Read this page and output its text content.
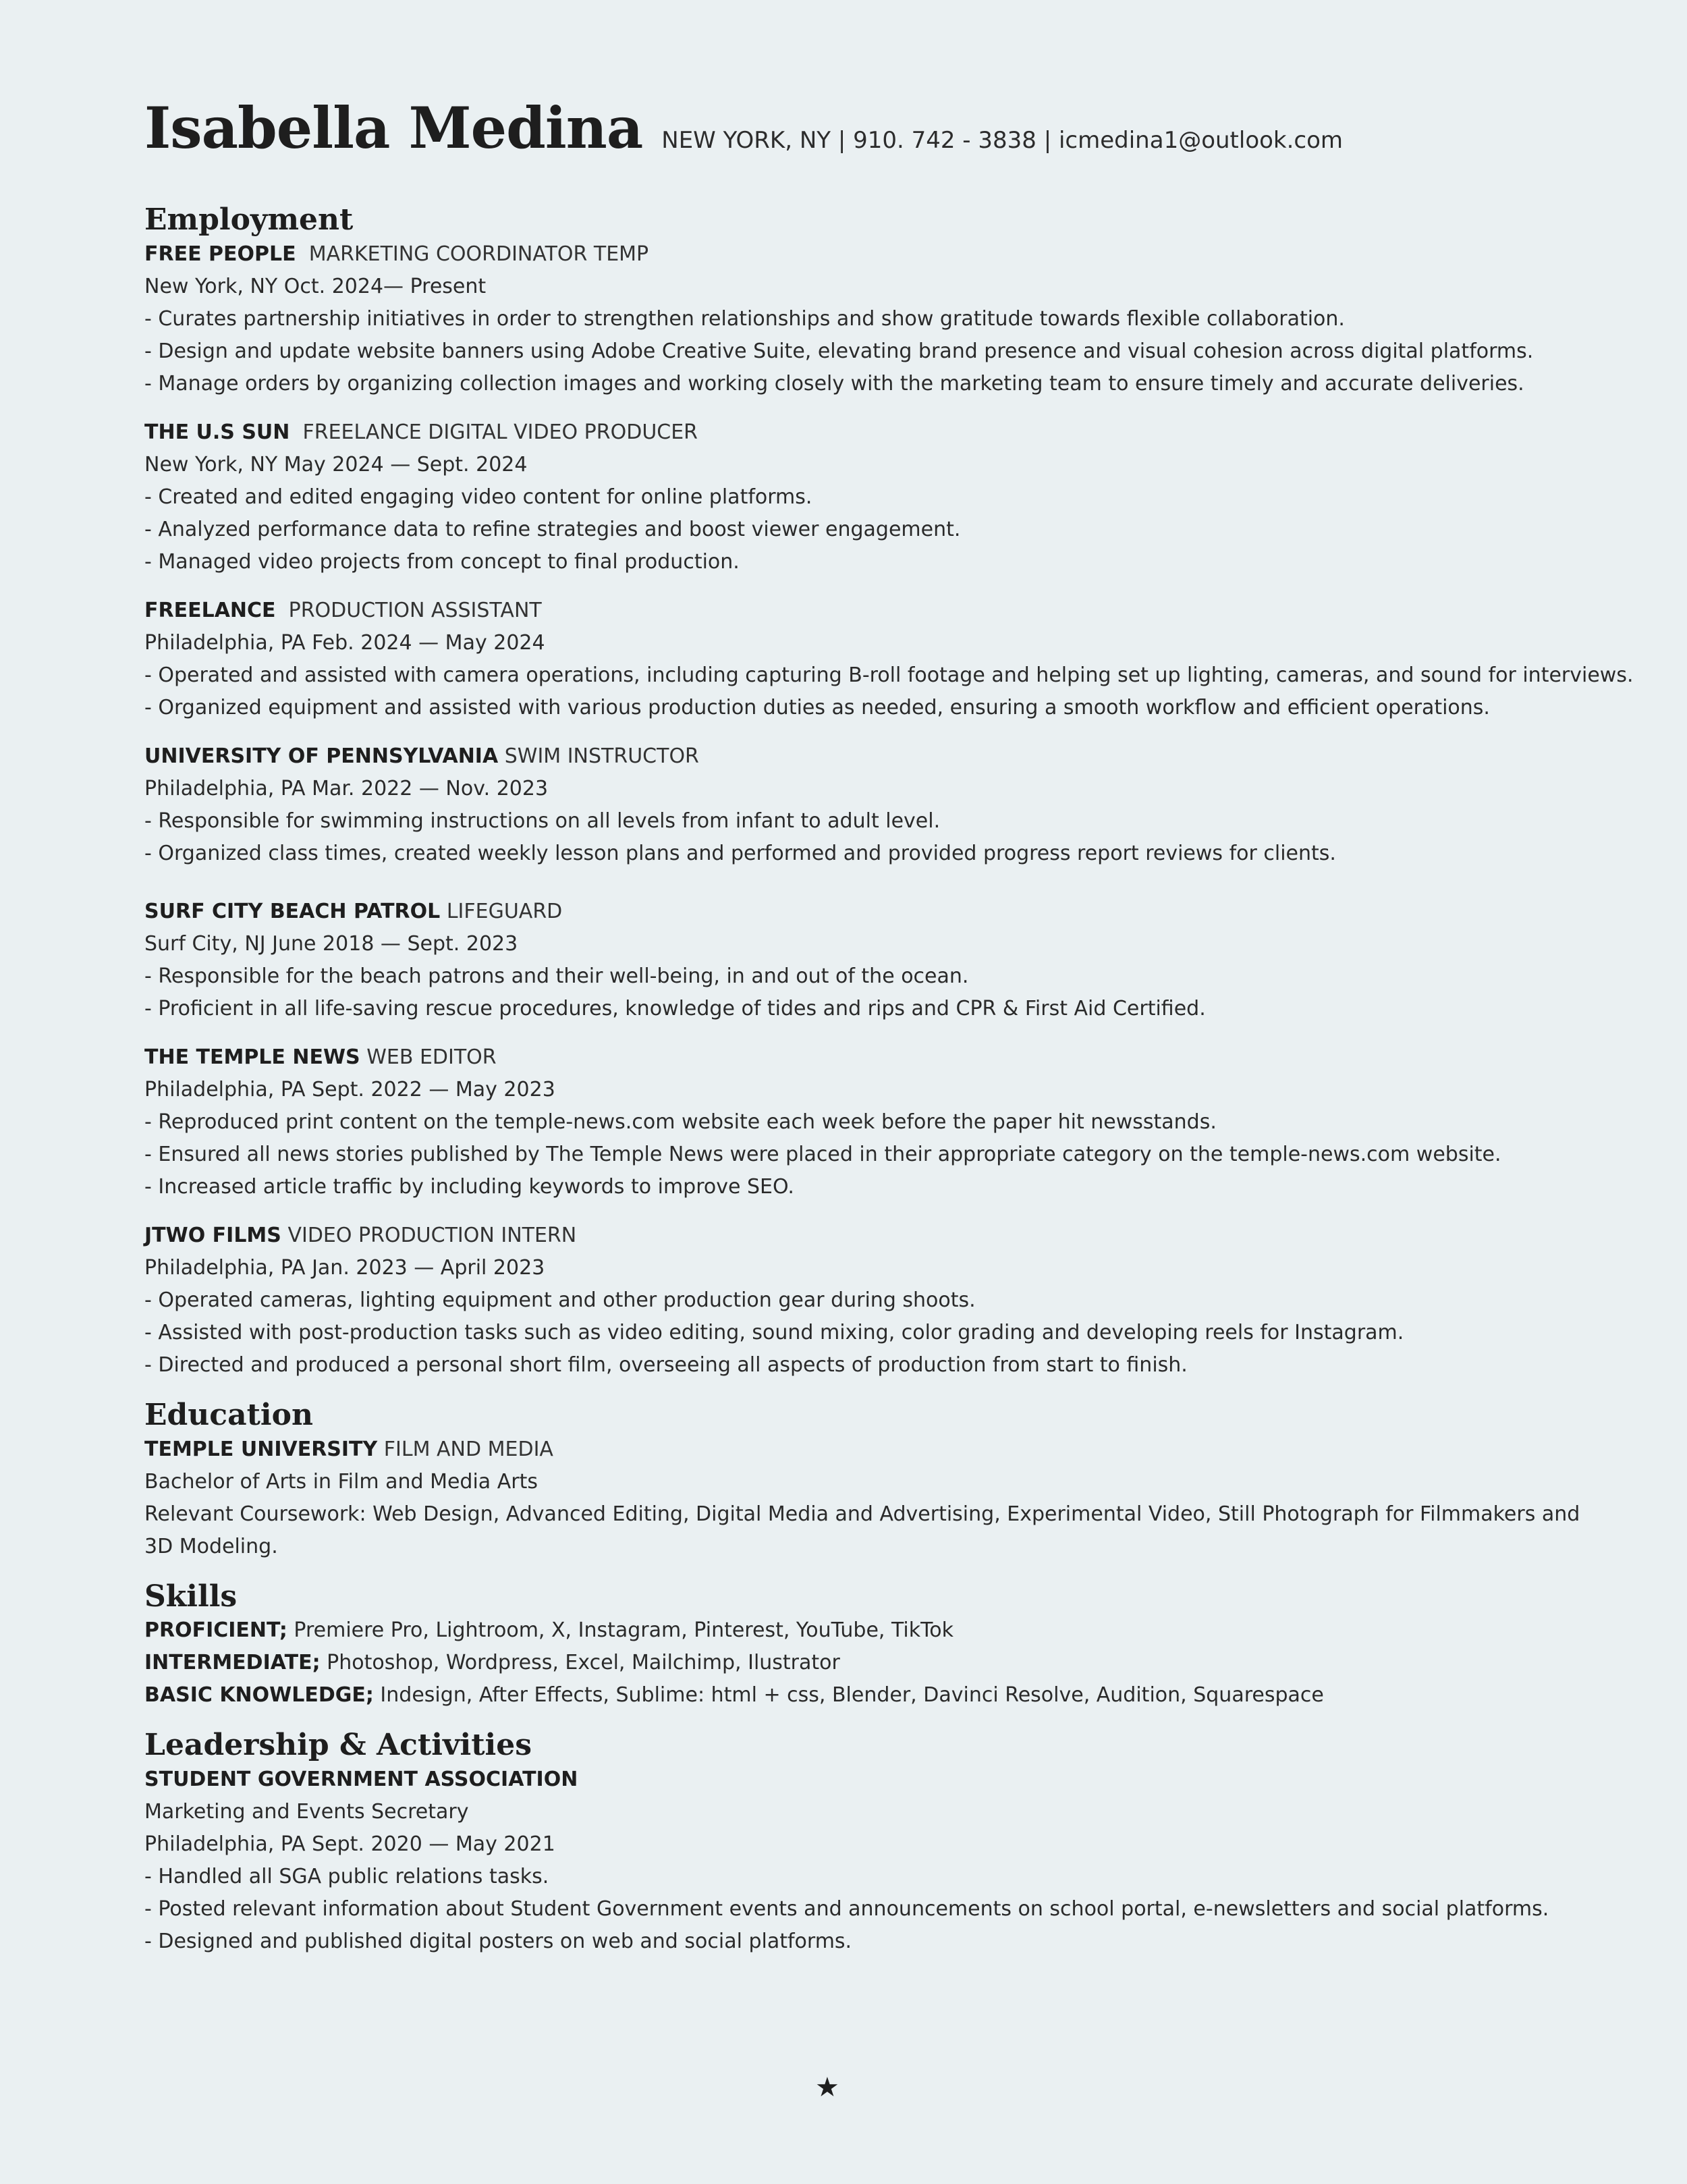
Isabella Medina NEW YORK, NY | 910. 742 - 3838 | icmedina1@outlook.com
Employment
FREE PEOPLE MARKETING COORDINATOR TEMP
New York, NY Oct. 2024— Present
- Curates partnership initiatives in order to strengthen relationships and show gratitude towards flexible collaboration.
- Design and update website banners using Adobe Creative Suite, elevating brand presence and visual cohesion across digital platforms.
- Manage orders by organizing collection images and working closely with the marketing team to ensure timely and accurate deliveries.
THE U.S SUN FREELANCE DIGITAL VIDEO PRODUCER
New York, NY May 2024 — Sept. 2024
- Created and edited engaging video content for online platforms.
- Analyzed performance data to refine strategies and boost viewer engagement.
- Managed video projects from concept to final production.
FREELANCE PRODUCTION ASSISTANT
Philadelphia, PA Feb. 2024 — May 2024
- Operated and assisted with camera operations, including capturing B-roll footage and helping set up lighting, cameras, and sound for interviews.
- Organized equipment and assisted with various production duties as needed, ensuring a smooth workflow and efficient operations.
UNIVERSITY OF PENNSYLVANIA SWIM INSTRUCTOR
Philadelphia, PA Mar. 2022 — Nov. 2023
- Responsible for swimming instructions on all levels from infant to adult level.
- Organized class times, created weekly lesson plans and performed and provided progress report reviews for clients.
SURF CITY BEACH PATROL LIFEGUARD
Surf City, NJ June 2018 — Sept. 2023
- Responsible for the beach patrons and their well-being, in and out of the ocean.
- Proficient in all life-saving rescue procedures, knowledge of tides and rips and CPR & First Aid Certified.
THE TEMPLE NEWS WEB EDITOR
Philadelphia, PA Sept. 2022 — May 2023
- Reproduced print content on the temple-news.com website each week before the paper hit newsstands.
- Ensured all news stories published by The Temple News were placed in their appropriate category on the temple-news.com website.
- Increased article traffic by including keywords to improve SEO.
JTWO FILMS VIDEO PRODUCTION INTERN
Philadelphia, PA Jan. 2023 — April 2023
- Operated cameras, lighting equipment and other production gear during shoots.
- Assisted with post-production tasks such as video editing, sound mixing, color grading and developing reels for Instagram.
- Directed and produced a personal short film, overseeing all aspects of production from start to finish.
Education
TEMPLE UNIVERSITY FILM AND MEDIA
Bachelor of Arts in Film and Media Arts
Relevant Coursework: Web Design, Advanced Editing, Digital Media and Advertising, Experimental Video, Still Photograph for Filmmakers and
3D Modeling.
Skills
PROFICIENT; Premiere Pro, Lightroom, X, Instagram, Pinterest, YouTube, TikTok
INTERMEDIATE; Photoshop, Wordpress, Excel, Mailchimp, Ilustrator
BASIC KNOWLEDGE; Indesign, After Effects, Sublime: html + css, Blender, Davinci Resolve, Audition, Squarespace
Leadership & Activities
STUDENT GOVERNMENT ASSOCIATION
Marketing and Events Secretary
Philadelphia, PA Sept. 2020 — May 2021
- Handled all SGA public relations tasks.
- Posted relevant information about Student Government events and announcements on school portal, e-newsletters and social platforms.
- Designed and published digital posters on web and social platforms.
★
